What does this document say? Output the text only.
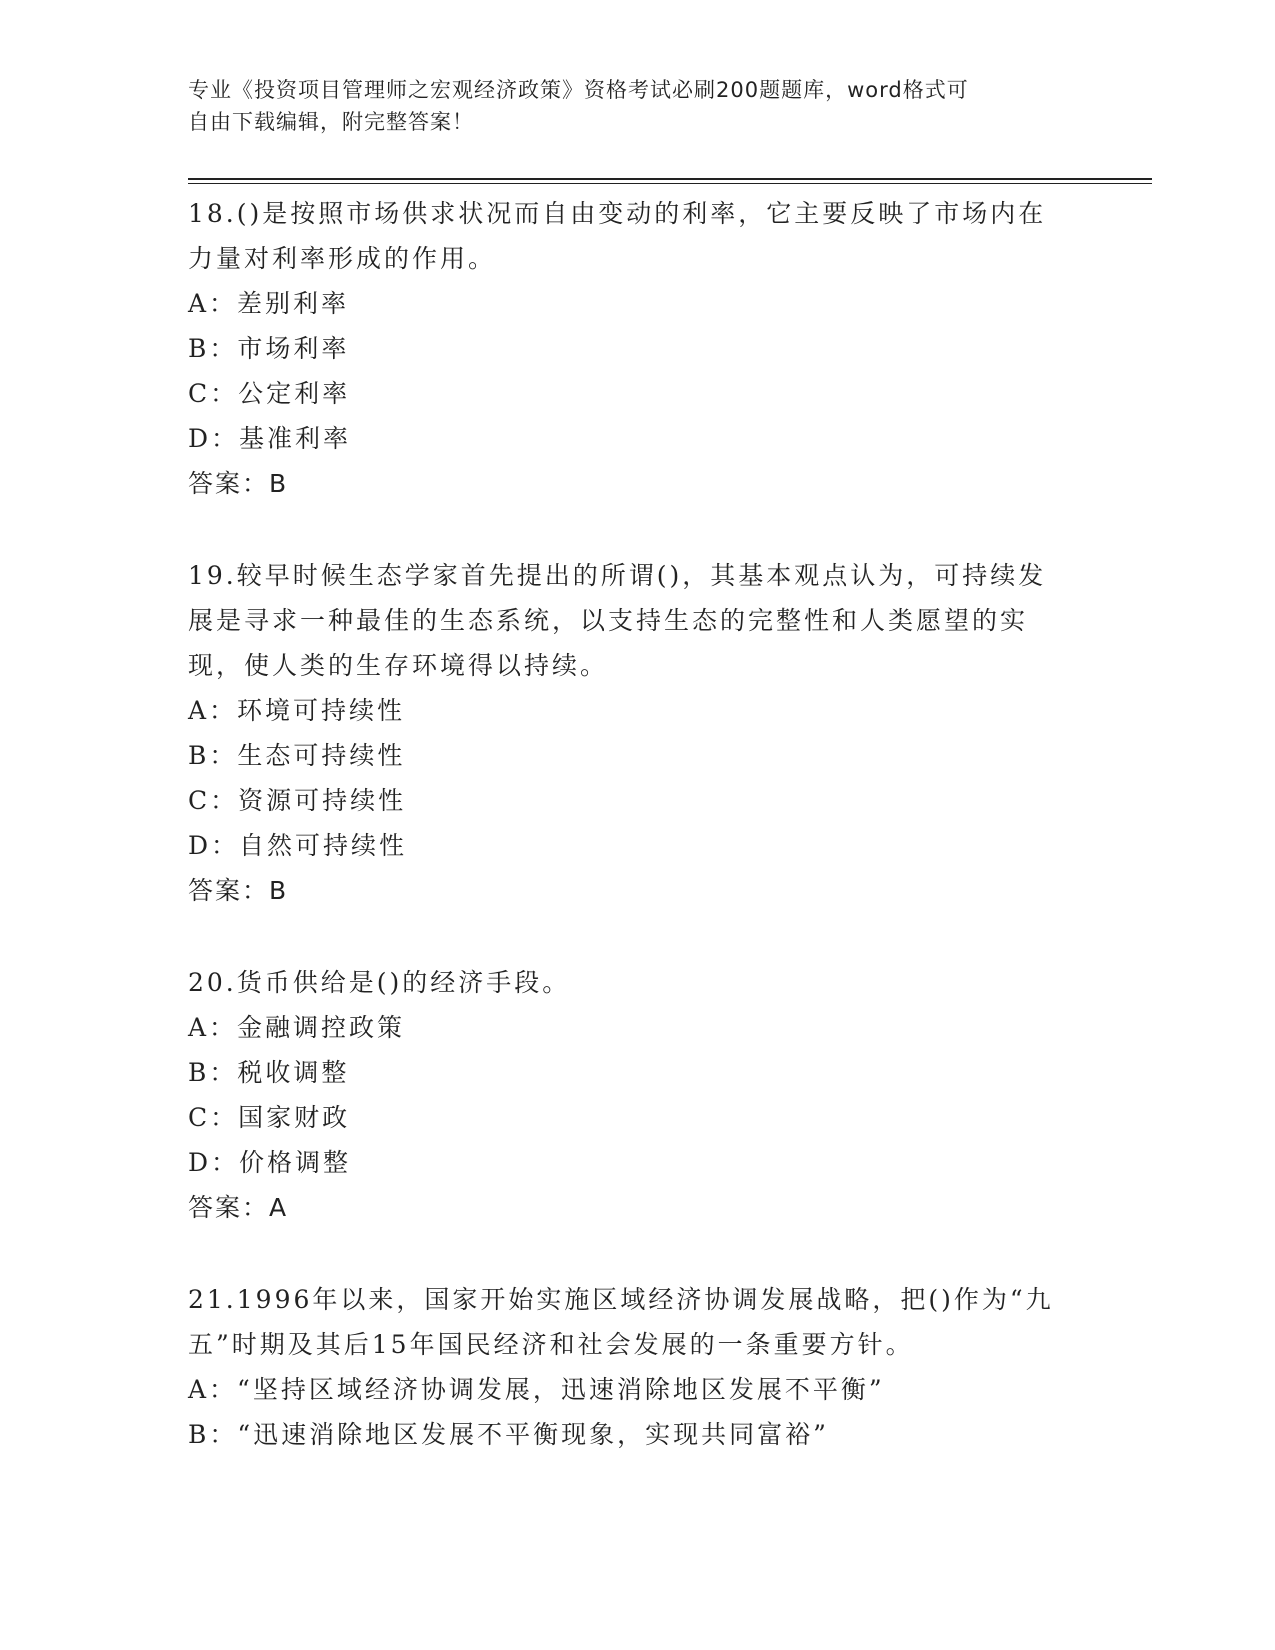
专业《投资项目管理师之宏观经济政策》资格考试必刷200题题库，word格式可
自由下载编辑，附完整答案！

18.()是按照市场供求状况而自由变动的利率，它主要反映了市场内在

力量对利率形成的作用。

A：差别利率

B：市场利率

C：公定利率

D：基准利率

答案：B

19.较早时候生态学家首先提出的所谓()，其基本观点认为，可持续发

展是寻求一种最佳的生态系统，以支持生态的完整性和人类愿望的实

现，使人类的生存环境得以持续。

A：环境可持续性

B：生态可持续性

C：资源可持续性

D：自然可持续性

答案：B

20.货币供给是()的经济手段。

A：金融调控政策

B：税收调整

C：国家财政

D：价格调整

答案：A

21.1996年以来，国家开始实施区域经济协调发展战略，把()作为“九

五”时期及其后15年国民经济和社会发展的一条重要方针。

A：“坚持区域经济协调发展，迅速消除地区发展不平衡”

B：“迅速消除地区发展不平衡现象，实现共同富裕”
